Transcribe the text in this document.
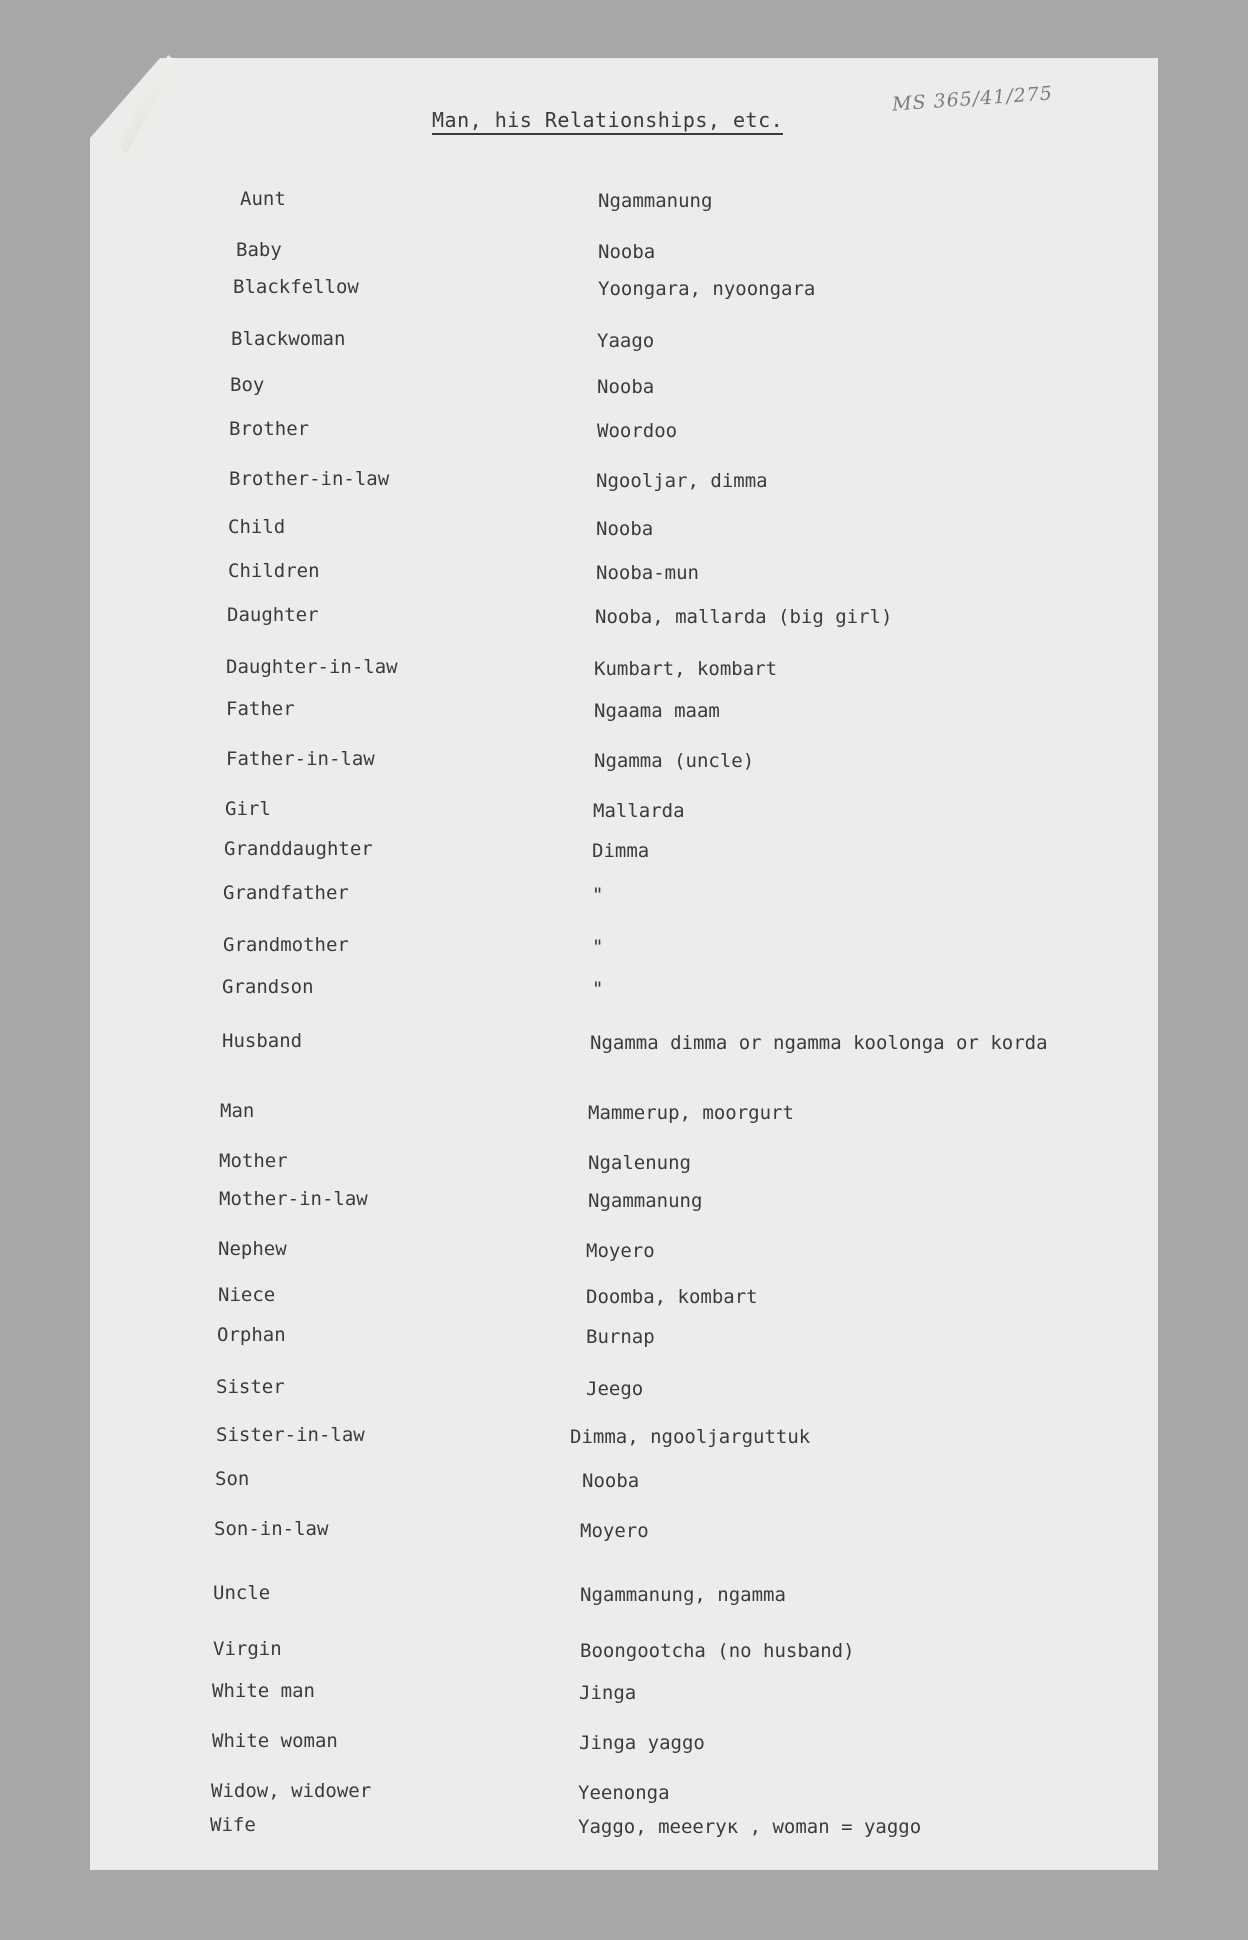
MS 365/41/275
Man, his Relationships, etc.
Aunt	Ngammanung
Baby	Nooba
Blackfellow	Yoongara, nyoongara
Blackwoman	Yaago
Boy	Nooba
Brother	Woordoo
Brother-in-law	Ngooljar, dimma
Child	Nooba
Children	Nooba-mun
Daughter	Nooba, mallarda (big girl)
Daughter-in-law	Kumbart, kombart
Father	Ngaama maam
Father-in-law	Ngamma (uncle)
Girl	Mallarda
Granddaughter	Dimma
Grandfather	"
Grandmother	"
Grandson	"
Husband	Ngamma dimma or ngamma koolonga or korda
Man	Mammerup, moorgurt
Mother	Ngalenung
Mother-in-law	Ngammanung
Nephew	Moyero
Niece	Doomba, kombart
Orphan	Burnap
Sister	Jeego
Sister-in-law	Dimma, ngooljarguttuk
Son	Nooba
Son-in-law	Moyero
Uncle	Ngammanung, ngamma
Virgin	Boongootcha (no husband)
White man	Jinga
White woman	Jinga yaggo
Widow, widower	Yeenonga
Wife	Yaggo, meeerук , woman = yaggo
